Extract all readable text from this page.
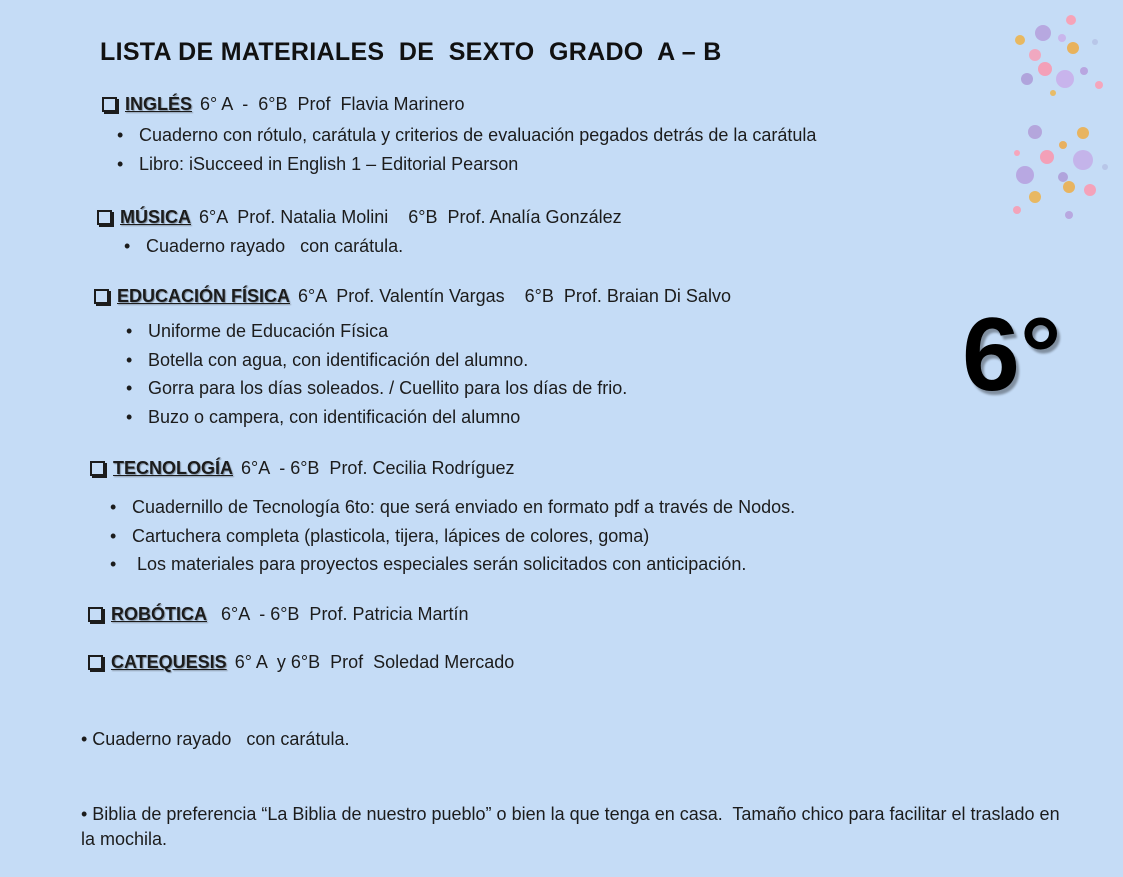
LISTA DE MATERIALES  DE  SEXTO  GRADO  A – B
6°
INGLÉS 6° A  -  6°B  Prof  Flavia Marinero
• Cuaderno con rótulo, carátula y criterios de evaluación pegados detrás de la carátula
• Libro: iSucceed in English 1 – Editorial Pearson
MÚSICA 6°A  Prof. Natalia Molini    6°B  Prof. Analía González
• Cuaderno rayado   con carátula.
EDUCACIÓN FÍSICA 6°A  Prof. Valentín Vargas    6°B  Prof. Braian Di Salvo
• Uniforme de Educación Física
• Botella con agua, con identificación del alumno.
• Gorra para los días soleados. / Cuellito para los días de frio.
• Buzo o campera, con identificación del alumno
TECNOLOGÍA 6°A  - 6°B  Prof. Cecilia Rodríguez
• Cuadernillo de Tecnología 6to: que será enviado en formato pdf a través de Nodos.
• Cartuchera completa (plasticola, tijera, lápices de colores, goma)
•  Los materiales para proyectos especiales serán solicitados con anticipación.
ROBÓTICA 6°A  - 6°B  Prof. Patricia Martín
CATEQUESIS 6° A  y 6°B  Prof  Soledad Mercado

• Cuaderno rayado   con carátula.

• Biblia de preferencia “La Biblia de nuestro pueblo” o bien la que tenga en casa.  Tamaño chico para facilitar el traslado en la mochila.
